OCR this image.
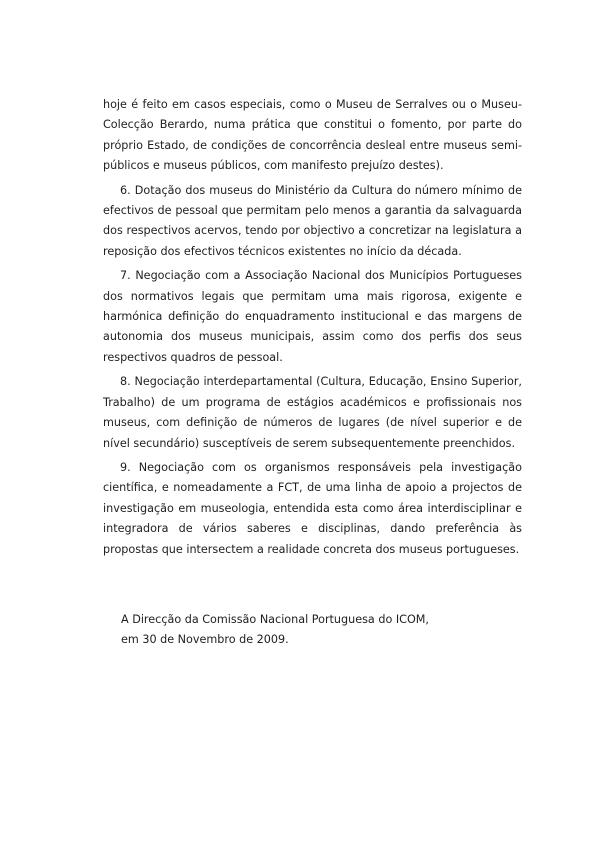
hoje é feito em casos especiais, como o Museu de Serralves ou o Museu-Colecção Berardo, numa prática que constitui o fomento, por parte do próprio Estado, de condições de concorrência desleal entre museus semi-públicos e museus públicos, com manifesto prejuízo destes).

6. Dotação dos museus do Ministério da Cultura do número mínimo de efectivos de pessoal que permitam pelo menos a garantia da salvaguarda dos respectivos acervos, tendo por objectivo a concretizar na legislatura a reposição dos efectivos técnicos existentes no início da década.

7. Negociação com a Associação Nacional dos Municípios Portugueses dos normativos legais que permitam uma mais rigorosa, exigente e harmónica definição do enquadramento institucional e das margens de autonomia dos museus municipais, assim como dos perfis dos seus respectivos quadros de pessoal.

8. Negociação interdepartamental (Cultura, Educação, Ensino Superior, Trabalho) de um programa de estágios académicos e profissionais nos museus, com definição de números de lugares (de nível superior e de nível secundário) susceptíveis de serem subsequentemente preenchidos.

9. Negociação com os organismos responsáveis pela investigação científica, e nomeadamente a FCT, de uma linha de apoio a projectos de investigação em museologia, entendida esta como área interdisciplinar e integradora de vários saberes e disciplinas, dando preferência às propostas que intersectem a realidade concreta dos museus portugueses.

A Direcção da Comissão Nacional Portuguesa do ICOM,

em 30 de Novembro de 2009.
